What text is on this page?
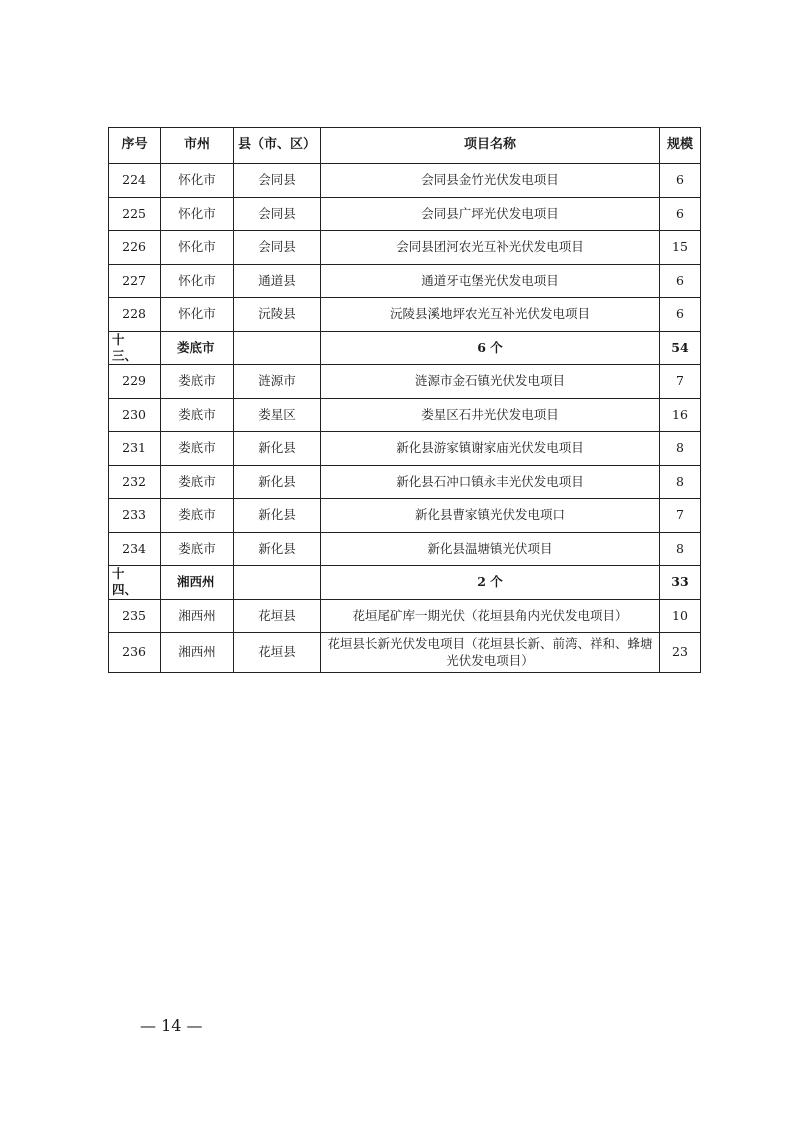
序号	市州	县（市、区）	项目名称	规模
224	怀化市	会同县	会同县金竹光伏发电项目	6
225	怀化市	会同县	会同县广坪光伏发电项目	6
226	怀化市	会同县	会同县团河农光互补光伏发电项目	15
227	怀化市	通道县	通道牙屯堡光伏发电项目	6
228	怀化市	沅陵县	沅陵县溪地坪农光互补光伏发电项目	6
十三、	娄底市		6 个	54
229	娄底市	涟源市	涟源市金石镇光伏发电项目	7
230	娄底市	娄星区	娄星区石井光伏发电项目	16
231	娄底市	新化县	新化县游家镇谢家庙光伏发电项目	8
232	娄底市	新化县	新化县石冲口镇永丰光伏发电项目	8
233	娄底市	新化县	新化县曹家镇光伏发电项口	7
234	娄底市	新化县	新化县温塘镇光伏项目	8
十四、	湘西州		2 个	33
235	湘西州	花垣县	花垣尾矿库一期光伏（花垣县角内光伏发电项目）	10
236	湘西州	花垣县	花垣县长新光伏发电项目（花垣县长新、前湾、祥和、蜂塘光伏发电项目）	23
— 14 —
